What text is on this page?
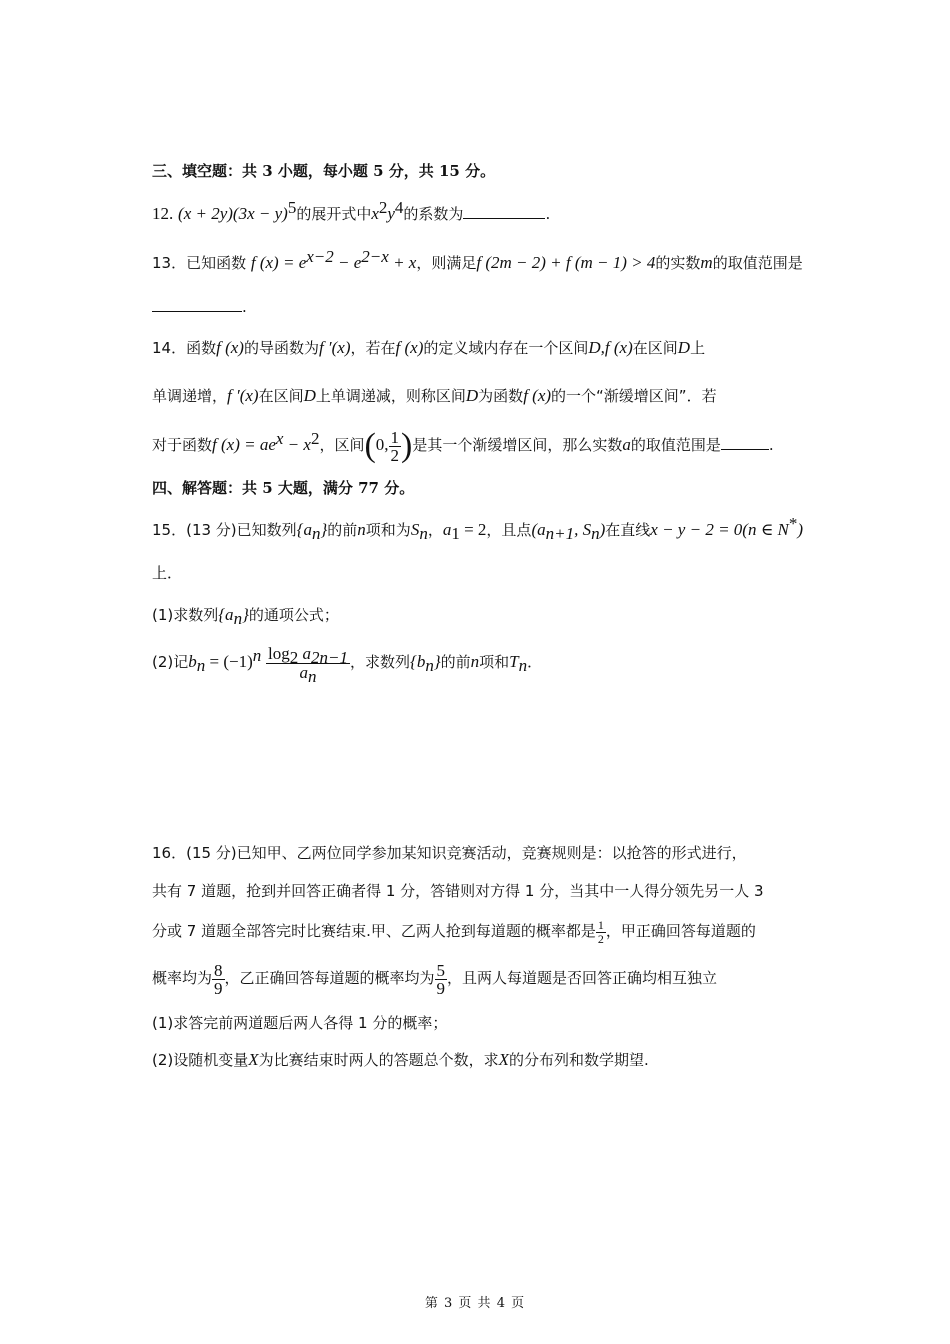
三、填空题：共 3 小题，每小题 5 分，共 15 分。
12. $(x + 2y)(3x - y)^5$的展开式中$x^2y^4$的系数为	.
13．已知函数 f $(x) = e^{x-2} - e^{2-x} + x$，则满足f (2m − 2) + f (m − 1) > 4的实数m的取值范围是
.
14．函数f (x)的导函数为f ′(x)，若在f (x)的定义域内存在一个区间D,f (x)在区间D上
单调递增，f ′(x)在区间D上单调递减，则称区间D为函数f (x)的一个“渐缓增区间”．若
对于函数f $(x) = ae^x - x^2$，区间(0, $\frac{1}{2}$ )是其一个渐缓增区间，那么实数a的取值范围是	.
四、解答题：共 5 大题，满分 77 分。
15．(13 分)已知数列$\{a_n\}$的前n项和为$S_n$，$a_1 = 2$，且点($a_{n+1}$, $S_n$)在直线x − y − 2 = 0(n ∈ N*)
上．
(1)求数列$\{a_n\}$的通项公式；
(2)记$b_n = (-1)^n \frac{\log_2 a_{2n-1}}{a_n}$ ，求数列$\{b_n\}$的前n项和$T_n$．
16．(15 分)已知甲、乙两位同学参加某知识竞赛活动，竞赛规则是：以抢答的形式进行，
共有 7 道题，抢到并回答正确者得 1 分，答错则对方得 1 分，当其中一人得分领先另一人 3
分或 7 道题全部答完时比赛结束.甲、乙两人抢到每道题的概率都是 $\frac{1}{2}$ ，甲正确回答每道题的
概率均为 $\frac{8}{9}$ ，乙正确回答每道题的概率均为 $\frac{5}{9}$ ，且两人每道题是否回答正确均相互独立
(1)求答完前两道题后两人各得 1 分的概率；
(2)设随机变量X为比赛结束时两人的答题总个数，求X的分布列和数学期望.
第 3 页 共 4 页
